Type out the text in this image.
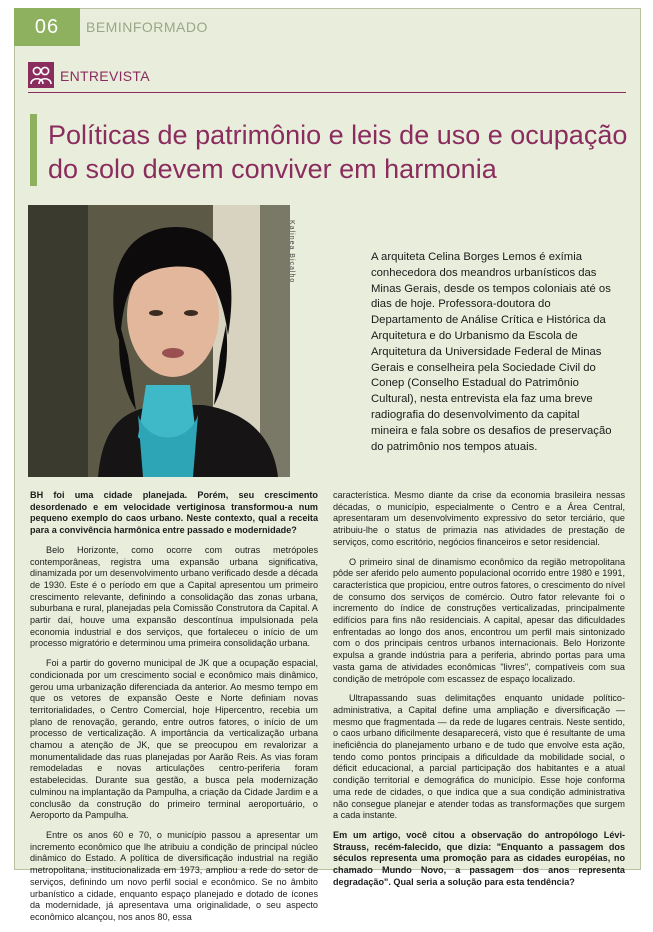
06	BEMINFORMADO
ENTREVISTA
Políticas de patrimônio e leis de uso e ocupação do solo devem conviver em harmonia
Kalinea Bicalho	A arquiteta Celina Borges Lemos é exímia conhecedora dos meandros urbanísticos das Minas Gerais, desde os tempos coloniais até os dias de hoje. Professora-doutora do Departamento de Análise Crítica e Histórica da Arquitetura e do Urbanismo da Escola de Arquitetura da Universidade Federal de Minas Gerais e conselheira pela Sociedade Civil do Conep (Conselho Estadual do Patrimônio Cultural), nesta entrevista ela faz uma breve radiografia do desenvolvimento da capital mineira e fala sobre os desafios de preservação do patrimônio nos tempos atuais.

BH foi uma cidade planejada. Porém, seu crescimento desordenado e em velocidade vertiginosa transformou-a num pequeno exemplo do caos urbano. Neste contexto, qual a receita para a convivência harmônica entre passado e modernidade?

Belo Horizonte, como ocorre com outras metrópoles contemporâneas, registra uma expansão urbana significativa, dinamizada por um desenvolvimento urbano verificado desde a década de 1930. Este é o período em que a Capital apresentou um primeiro crescimento relevante, definindo a consolidação das zonas urbana, suburbana e rural, planejadas pela Comissão Construtora da Capital. A partir daí, houve uma expansão descontínua impulsionada pela economia industrial e dos serviços, que fortaleceu o início de um processo migratório e determinou uma primeira consolidação urbana.

Foi a partir do governo municipal de JK que a ocupação espacial, condicionada por um crescimento social e econômico mais dinâmico, gerou uma urbanização diferenciada da anterior. Ao mesmo tempo em que os vetores de expansão Oeste e Norte definiam novas territorialidades, o Centro Comercial, hoje Hipercentro, recebia um plano de renovação, gerando, entre outros fatores, o início de um processo de verticalização. A importância da verticalização urbana chamou a atenção de JK, que se preocupou em revalorizar a monumentalidade das ruas planejadas por Aarão Reis. As vias foram remodeladas e novas articulações centro-periferia foram estabelecidas. Durante sua gestão, a busca pela modernização culminou na implantação da Pampulha, a criação da Cidade Jardim e a conclusão da construção do primeiro terminal aeroportuário, o Aeroporto da Pampulha.

Entre os anos 60 e 70, o município passou a apresentar um incremento econômico que lhe atribuiu a condição de principal núcleo dinâmico do Estado. A política de diversificação industrial na região metropolitana, institucionalizada em 1973, ampliou a rede do setor de serviços, definindo um novo perfil social e econômico. Se no âmbito urbanístico a cidade, enquanto espaço planejado e dotado de ícones da modernidade, já apresentava uma originalidade, o seu aspecto econômico alcançou, nos anos 80, essa

característica. Mesmo diante da crise da economia brasileira nessas décadas, o município, especialmente o Centro e a Área Central, apresentaram um desenvolvimento expressivo do setor terciário, que atribuiu-lhe o status de primazia nas atividades de prestação de serviços, como escritório, negócios financeiros e setor residencial.

O primeiro sinal de dinamismo econômico da região metropolitana pôde ser aferido pelo aumento populacional ocorrido entre 1980 e 1991, característica que propiciou, entre outros fatores, o crescimento do nível de consumo dos serviços de comércio. Outro fator relevante foi o incremento do índice de construções verticalizadas, principalmente edifícios para fins não residenciais. A capital, apesar das dificuldades enfrentadas ao longo dos anos, encontrou um perfil mais sintonizado com o dos principais centros urbanos internacionais. Belo Horizonte expulsa a grande indústria para a periferia, abrindo portas para uma vasta gama de atividades econômicas "livres", compatíveis com sua condição de metrópole com escassez de espaço localizado.

Ultrapassando suas delimitações enquanto unidade político-administrativa, a Capital define uma ampliação e diversificação — mesmo que fragmentada — da rede de lugares centrais. Neste sentido, o caos urbano dificilmente desaparecerá, visto que é resultante de uma ineficiência do planejamento urbano e de tudo que envolve esta ação, tendo como pontos principais a dificuldade da mobilidade social, o déficit educacional, a parcial participação dos habitantes e a atual condição territorial e demográfica do município. Esse hoje conforma uma rede de cidades, o que indica que a sua condição administrativa não consegue planejar e atender todas as transformações que surgem a cada instante.

Em um artigo, você citou a observação do antropólogo Lévi-Strauss, recém-falecido, que dizia: "Enquanto a passagem dos séculos representa uma promoção para as cidades européias, no chamado Mundo Novo, a passagem dos anos representa degradação". Qual seria a solução para esta tendência?
